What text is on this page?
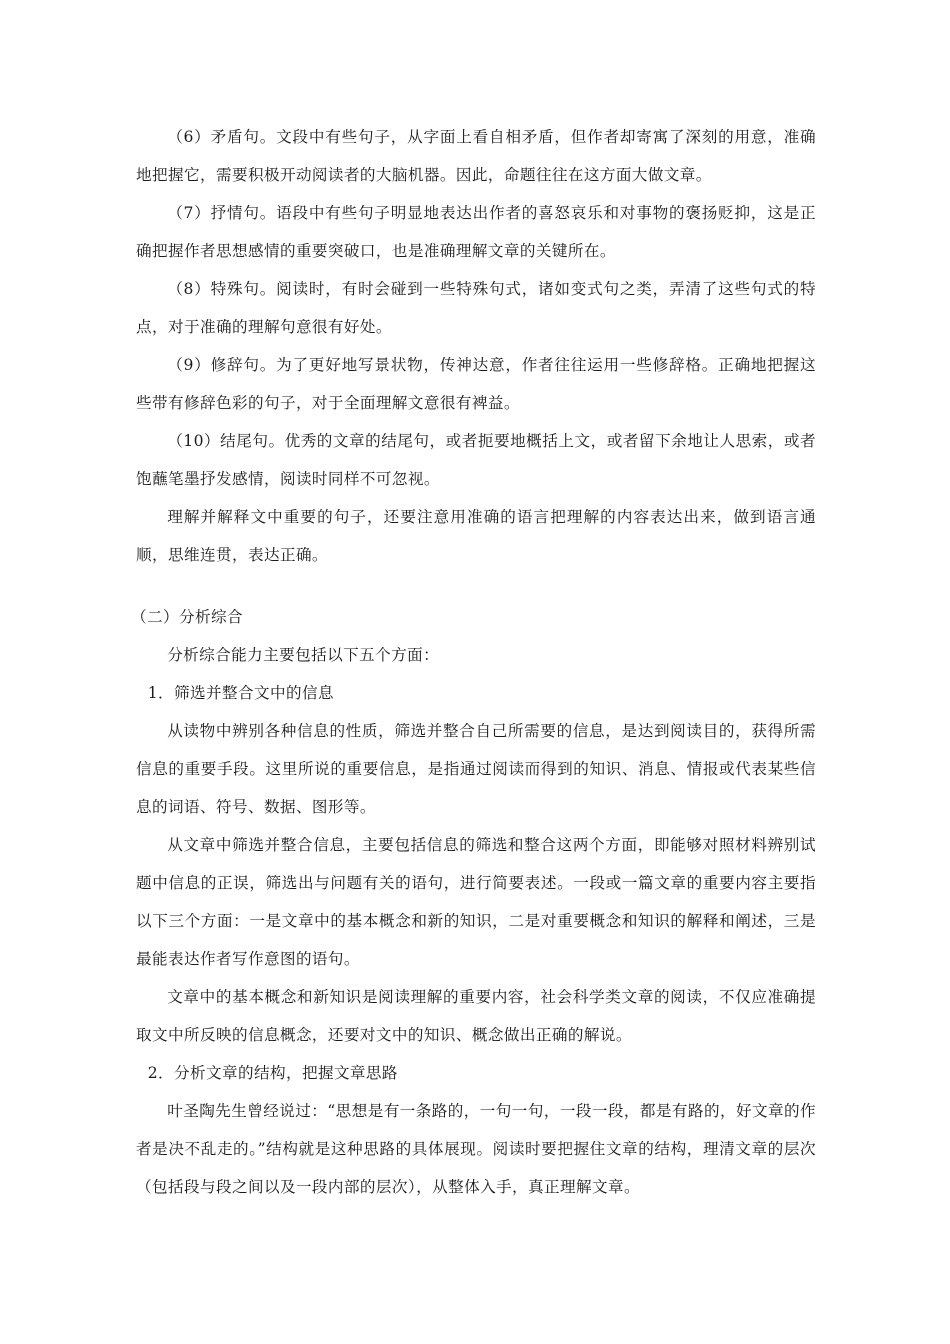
（6）矛盾句。文段中有些句子，从字面上看自相矛盾，但作者却寄寓了深刻的用意，准确地把握它，需要积极开动阅读者的大脑机器。因此，命题往往在这方面大做文章。

（7）抒情句。语段中有些句子明显地表达出作者的喜怒哀乐和对事物的褒扬贬抑，这是正确把握作者思想感情的重要突破口，也是准确理解文章的关键所在。

（8）特殊句。阅读时，有时会碰到一些特殊句式，诸如变式句之类，弄清了这些句式的特点，对于准确的理解句意很有好处。

（9）修辞句。为了更好地写景状物，传神达意，作者往往运用一些修辞格。正确地把握这些带有修辞色彩的句子，对于全面理解文意很有裨益。

（10）结尾句。优秀的文章的结尾句，或者扼要地概括上文，或者留下余地让人思索，或者饱蘸笔墨抒发感情，阅读时同样不可忽视。

理解并解释文中重要的句子，还要注意用准确的语言把理解的内容表达出来，做到语言通顺，思维连贯，表达正确。

（二）分析综合

分析综合能力主要包括以下五个方面：

1．筛选并整合文中的信息

从读物中辨别各种信息的性质，筛选并整合自己所需要的信息，是达到阅读目的，获得所需信息的重要手段。这里所说的重要信息，是指通过阅读而得到的知识、消息、情报或代表某些信息的词语、符号、数据、图形等。

从文章中筛选并整合信息，主要包括信息的筛选和整合这两个方面，即能够对照材料辨别试题中信息的正误，筛选出与问题有关的语句，进行简要表述。一段或一篇文章的重要内容主要指以下三个方面：一是文章中的基本概念和新的知识，二是对重要概念和知识的解释和阐述，三是最能表达作者写作意图的语句。

文章中的基本概念和新知识是阅读理解的重要内容，社会科学类文章的阅读，不仅应准确提取文中所反映的信息概念，还要对文中的知识、概念做出正确的解说。

2．分析文章的结构，把握文章思路

叶圣陶先生曾经说过：“思想是有一条路的，一句一句，一段一段，都是有路的，好文章的作者是决不乱走的。”结构就是这种思路的具体展现。阅读时要把握住文章的结构，理清文章的层次（包括段与段之间以及一段内部的层次），从整体入手，真正理解文章。
